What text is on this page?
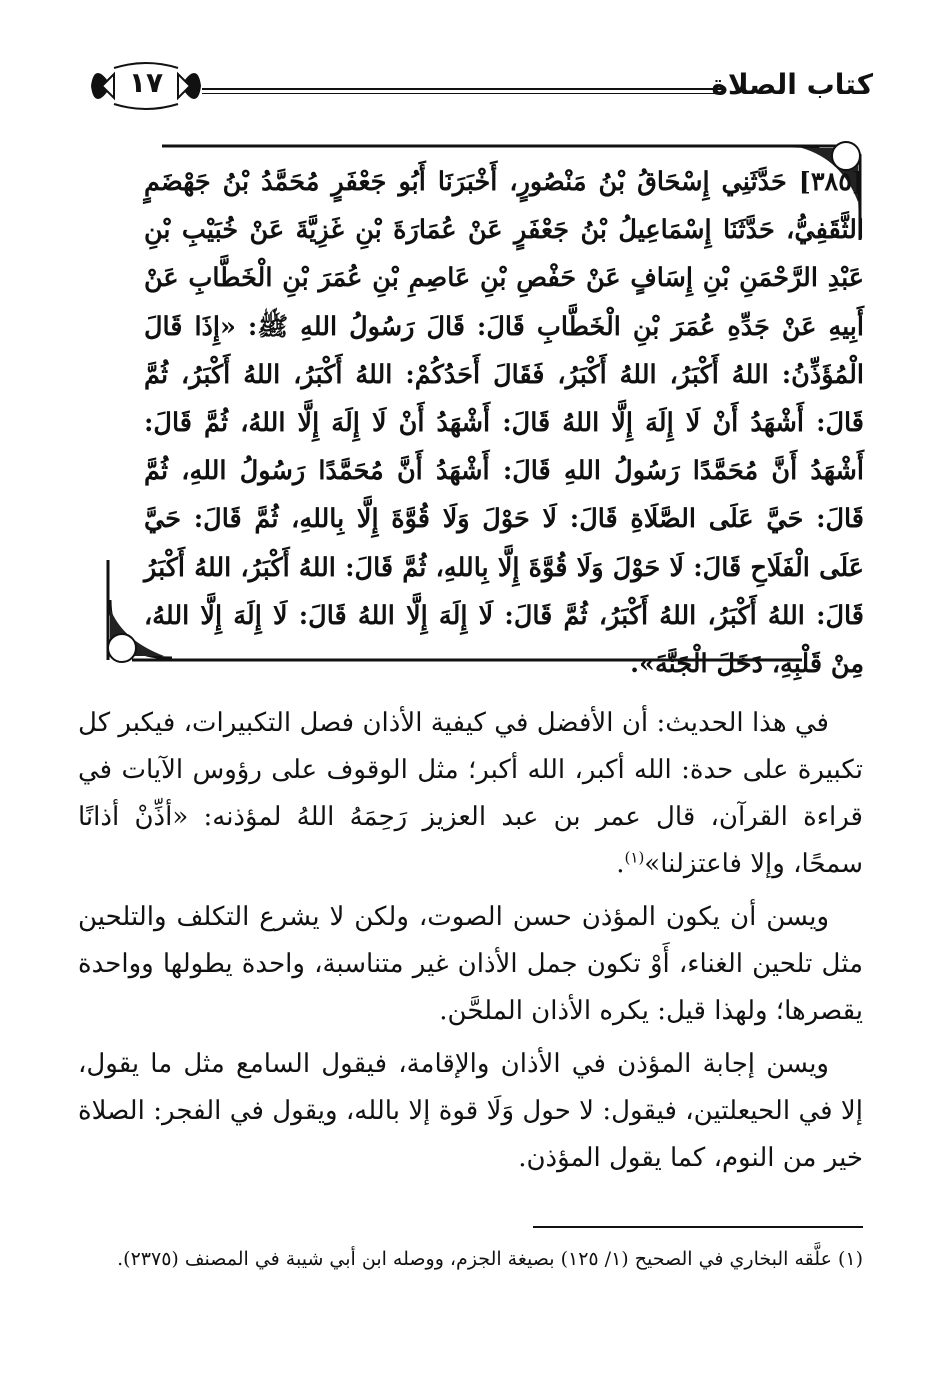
كتاب الصلاة
١٧
[٣٨٥] حَدَّثَنِي إِسْحَاقُ بْنُ مَنْصُورٍ، أَخْبَرَنَا أَبُو جَعْفَرٍ مُحَمَّدُ بْنُ جَهْضَمٍ الثَّقَفِيُّ، حَدَّثَنَا إِسْمَاعِيلُ بْنُ جَعْفَرٍ عَنْ عُمَارَةَ بْنِ غَزِيَّةَ عَنْ خُبَيْبِ بْنِ عَبْدِ الرَّحْمَنِ بْنِ إِسَافٍ عَنْ حَفْصِ بْنِ عَاصِمِ بْنِ عُمَرَ بْنِ الْخَطَّابِ عَنْ أَبِيهِ عَنْ جَدِّهِ عُمَرَ بْنِ الْخَطَّابِ قَالَ: قَالَ رَسُولُ اللهِ ﷺ: «إِذَا قَالَ الْمُؤَذِّنُ: اللهُ أَكْبَرُ، اللهُ أَكْبَرُ، فَقَالَ أَحَدُكُمْ: اللهُ أَكْبَرُ، اللهُ أَكْبَرُ، ثُمَّ قَالَ: أَشْهَدُ أَنْ لَا إِلَهَ إِلَّا اللهُ قَالَ: أَشْهَدُ أَنْ لَا إِلَهَ إِلَّا اللهُ، ثُمَّ قَالَ: أَشْهَدُ أَنَّ مُحَمَّدًا رَسُولُ اللهِ قَالَ: أَشْهَدُ أَنَّ مُحَمَّدًا رَسُولُ اللهِ، ثُمَّ قَالَ: حَيَّ عَلَى الصَّلَاةِ قَالَ: لَا حَوْلَ وَلَا قُوَّةَ إِلَّا بِاللهِ، ثُمَّ قَالَ: حَيَّ عَلَى الْفَلَاحِ قَالَ: لَا حَوْلَ وَلَا قُوَّةَ إِلَّا بِاللهِ، ثُمَّ قَالَ: اللهُ أَكْبَرُ، اللهُ أَكْبَرُ قَالَ: اللهُ أَكْبَرُ، اللهُ أَكْبَرُ، ثُمَّ قَالَ: لَا إِلَهَ إِلَّا اللهُ قَالَ: لَا إِلَهَ إِلَّا اللهُ، مِنْ قَلْبِهِ، دَخَلَ الْجَنَّةَ».

في هذا الحديث: أن الأفضل في كيفية الأذان فصل التكبيرات، فيكبر كل تكبيرة على حدة: الله أكبر، الله أكبر؛ مثل الوقوف على رؤوس الآيات في قراءة القرآن، قال عمر بن عبد العزيز رَحِمَهُ اللهُ لمؤذنه: «أذِّنْ أذانًا سمحًا، وإلا فاعتزلنا»$^{(١)}$.

ويسن أن يكون المؤذن حسن الصوت، ولكن لا يشرع التكلف والتلحين مثل تلحين الغناء، أَوْ تكون جمل الأذان غير متناسبة، واحدة يطولها وواحدة يقصرها؛ ولهذا قيل: يكره الأذان الملحَّن.

ويسن إجابة المؤذن في الأذان والإقامة، فيقول السامع مثل ما يقول، إلا في الحيعلتين، فيقول: لا حول وَلَا قوة إلا بالله، ويقول في الفجر: الصلاة خير من النوم، كما يقول المؤذن.

(١) علَّقه البخاري في الصحيح (١/ ١٢٥) بصيغة الجزم، ووصله ابن أبي شيبة في المصنف (٢٣٧٥).
